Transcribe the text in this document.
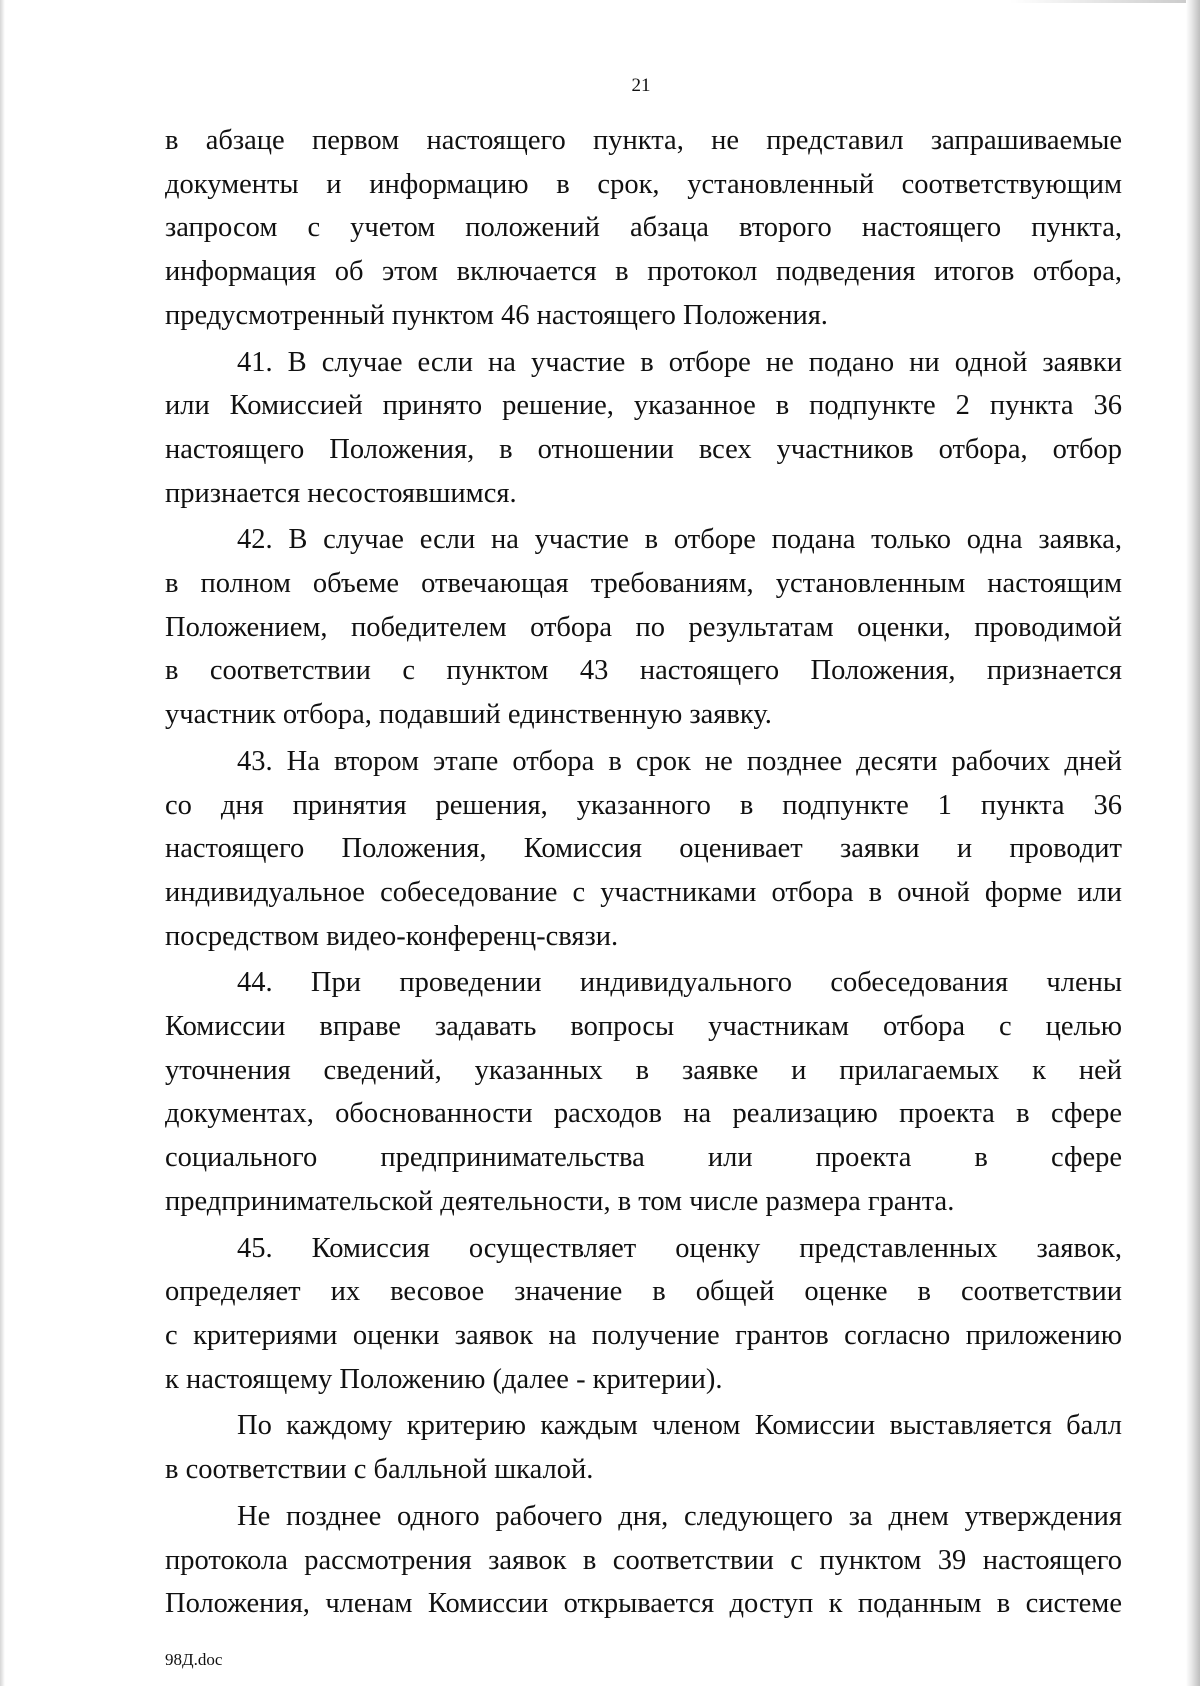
21

в абзаце первом настоящего пункта, не представил запрашиваемые

документы и информацию в срок, установленный соответствующим

запросом с учетом положений абзаца второго настоящего пункта,

информация об этом включается в протокол подведения итогов отбора,

предусмотренный пунктом 46 настоящего Положения.

41. В случае если на участие в отборе не подано ни одной заявки

или Комиссией принято решение, указанное в подпункте 2 пункта 36

настоящего Положения, в отношении всех участников отбора, отбор

признается несостоявшимся.

42. В случае если на участие в отборе подана только одна заявка,

в полном объеме отвечающая требованиям, установленным настоящим

Положением, победителем отбора по результатам оценки, проводимой

в соответствии с пунктом 43 настоящего Положения, признается

участник отбора, подавший единственную заявку.

43. На втором этапе отбора в срок не позднее десяти рабочих дней

со дня принятия решения, указанного в подпункте 1 пункта 36

настоящего Положения, Комиссия оценивает заявки и проводит

индивидуальное собеседование с участниками отбора в очной форме или

посредством видео-конференц-связи.

44. При проведении индивидуального собеседования члены

Комиссии вправе задавать вопросы участникам отбора с целью

уточнения сведений, указанных в заявке и прилагаемых к ней

документах, обоснованности расходов на реализацию проекта в сфере

социального предпринимательства или проекта в сфере

предпринимательской деятельности, в том числе размера гранта.

45. Комиссия осуществляет оценку представленных заявок,

определяет их весовое значение в общей оценке в соответствии

с критериями оценки заявок на получение грантов согласно приложению

к настоящему Положению (далее - критерии).

По каждому критерию каждым членом Комиссии выставляется балл

в соответствии с балльной шкалой.

Не позднее одного рабочего дня, следующего за днем утверждения

протокола рассмотрения заявок в соответствии с пунктом 39 настоящего

Положения, членам Комиссии открывается доступ к поданным в системе

98Д.doc
